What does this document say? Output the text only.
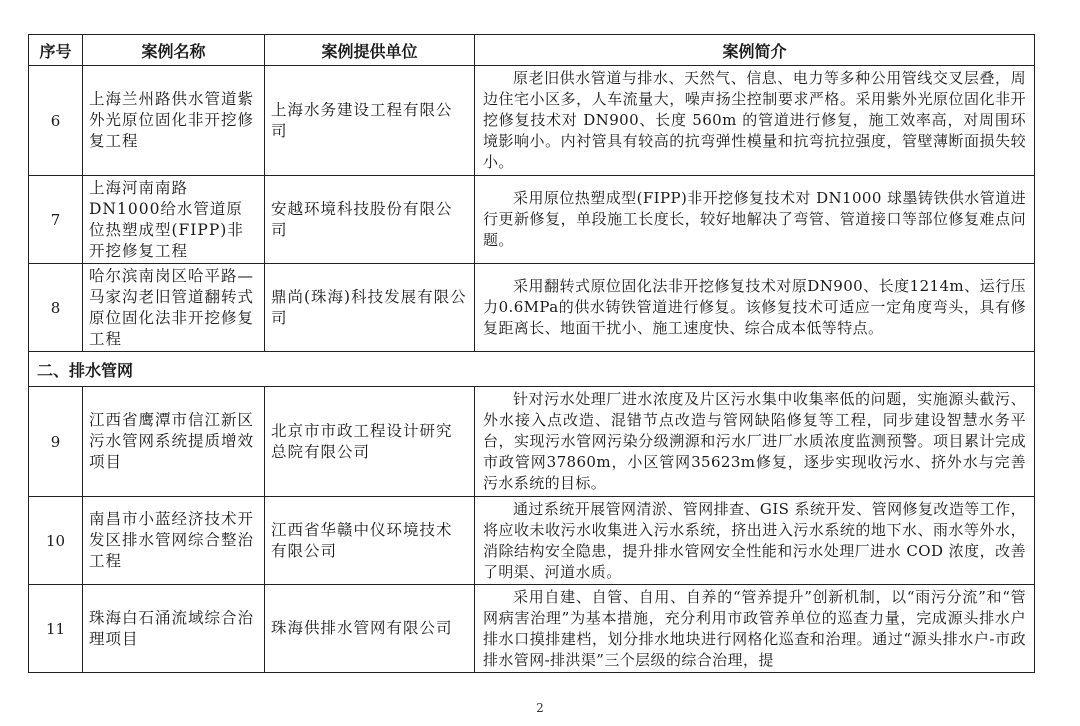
序号	案例名称	案例提供单位	案例简介
6	上海兰州路供水管道紫外光原位固化非开挖修复工程	上海水务建设工程有限公司	原老旧供水管道与排水、天然气、信息、电力等多种公用管线交叉层叠，周边住宅小区多，人车流量大，噪声扬尘控制要求严格。采用紫外光原位固化非开挖修复技术对 DN900、长度 560m 的管道进行修复，施工效率高，对周围环境影响小。内衬管具有较高的抗弯弹性模量和抗弯抗拉强度，管壁薄断面损失较小。

7	上海河南南路DN1000给水管道原位热塑成型(FIPP)非开挖修复工程	安越环境科技股份有限公司	采用原位热塑成型(FIPP)非开挖修复技术对 DN1000 球墨铸铁供水管道进行更新修复，单段施工长度长，较好地解决了弯管、管道接口等部位修复难点问题。

8	哈尔滨南岗区哈平路—马家沟老旧管道翻转式原位固化法非开挖修复工程	鼎尚(珠海)科技发展有限公司	采用翻转式原位固化法非开挖修复技术对原DN900、长度1214m、运行压力0.6MPa的供水铸铁管道进行修复。该修复技术可适应一定角度弯头，具有修复距离长、地面干扰小、施工速度快、综合成本低等特点。

二、排水管网			
9	江西省鹰潭市信江新区污水管网系统提质增效项目	北京市市政工程设计研究总院有限公司	针对污水处理厂进水浓度及片区污水集中收集率低的问题，实施源头截污、外水接入点改造、混错节点改造与管网缺陷修复等工程，同步建设智慧水务平台，实现污水管网污染分级溯源和污水厂进厂水质浓度监测预警。项目累计完成市政管网37860m，小区管网35623m修复，逐步实现收污水、挤外水与完善污水系统的目标。

10	南昌市小蓝经济技术开发区排水管网综合整治工程	江西省华赣中仪环境技术有限公司	通过系统开展管网清淤、管网排查、GIS 系统开发、管网修复改造等工作，将应收未收污水收集进入污水系统，挤出进入污水系统的地下水、雨水等外水，消除结构安全隐患，提升排水管网安全性能和污水处理厂进水 COD 浓度，改善了明渠、河道水质。

11	珠海白石涌流域综合治理项目	珠海供排水管网有限公司	采用自建、自管、自用、自养的“管养提升”创新机制，以“雨污分流”和“管网病害治理”为基本措施，充分利用市政管养单位的巡查力量，完成源头排水户排水口摸排建档，划分排水地块进行网格化巡查和治理。通过“源头排水户-市政排水管网-排洪渠”三个层级的综合治理，提

2
